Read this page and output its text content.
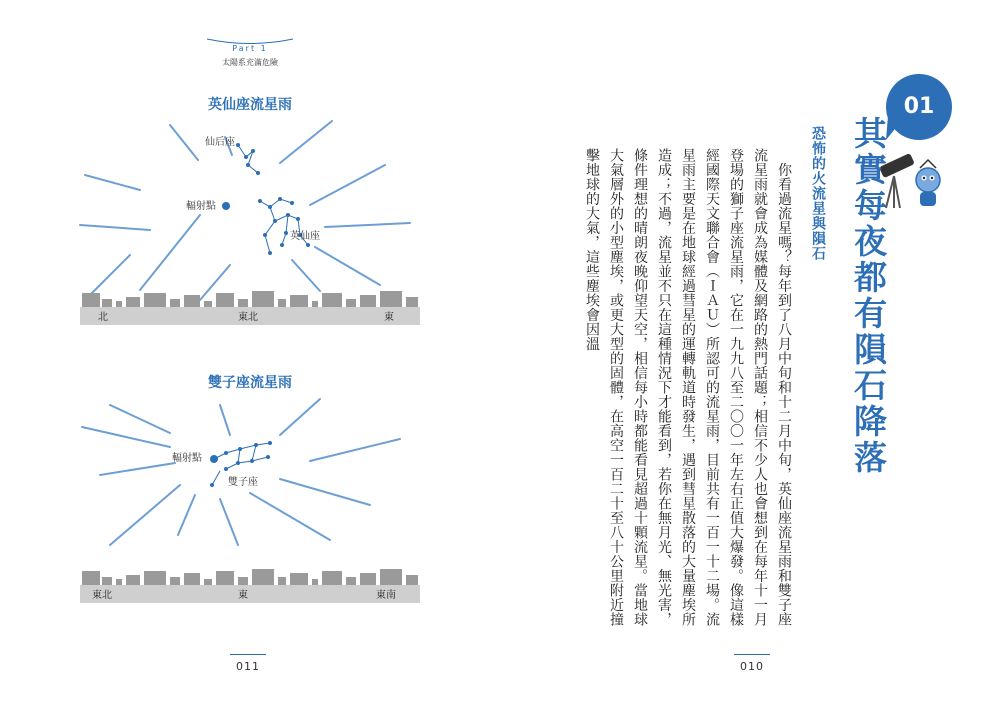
Part 1
太陽系充滿危險
英仙座流星雨
仙后座
輻射點
英仙座
北	東北	東
雙子座流星雨
輻射點
雙子座
東北	東	東南
011
01
其實每夜都有隕石降落
恐怖的火流星與隕石

　你看過流星嗎？每年到了八月中旬和十二月中旬，英仙座流星雨和雙子座流星雨就會成為媒體及網路的熱門話題；相信不少人也會想到在每年十一月登場的獅子座流星雨，它在一九九八至二〇〇一年左右正值大爆發。像這樣經國際天文聯合會（ＩＡＵ）所認可的流星雨，目前共有一百一十二場。流星雨主要是在地球經過彗星的運轉軌道時發生，遇到彗星散落的大量塵埃所造成；不過，流星並不只在這種情況下才能看到，若你在無月光、無光害，條件理想的晴朗夜晚仰望天空，相信每小時都能看見超過十顆流星。當地球大氣層外的小型塵埃，或更大型的固體，在高空一百二十至八十公里附近撞擊地球的大氣，這些塵埃會因溫

010
